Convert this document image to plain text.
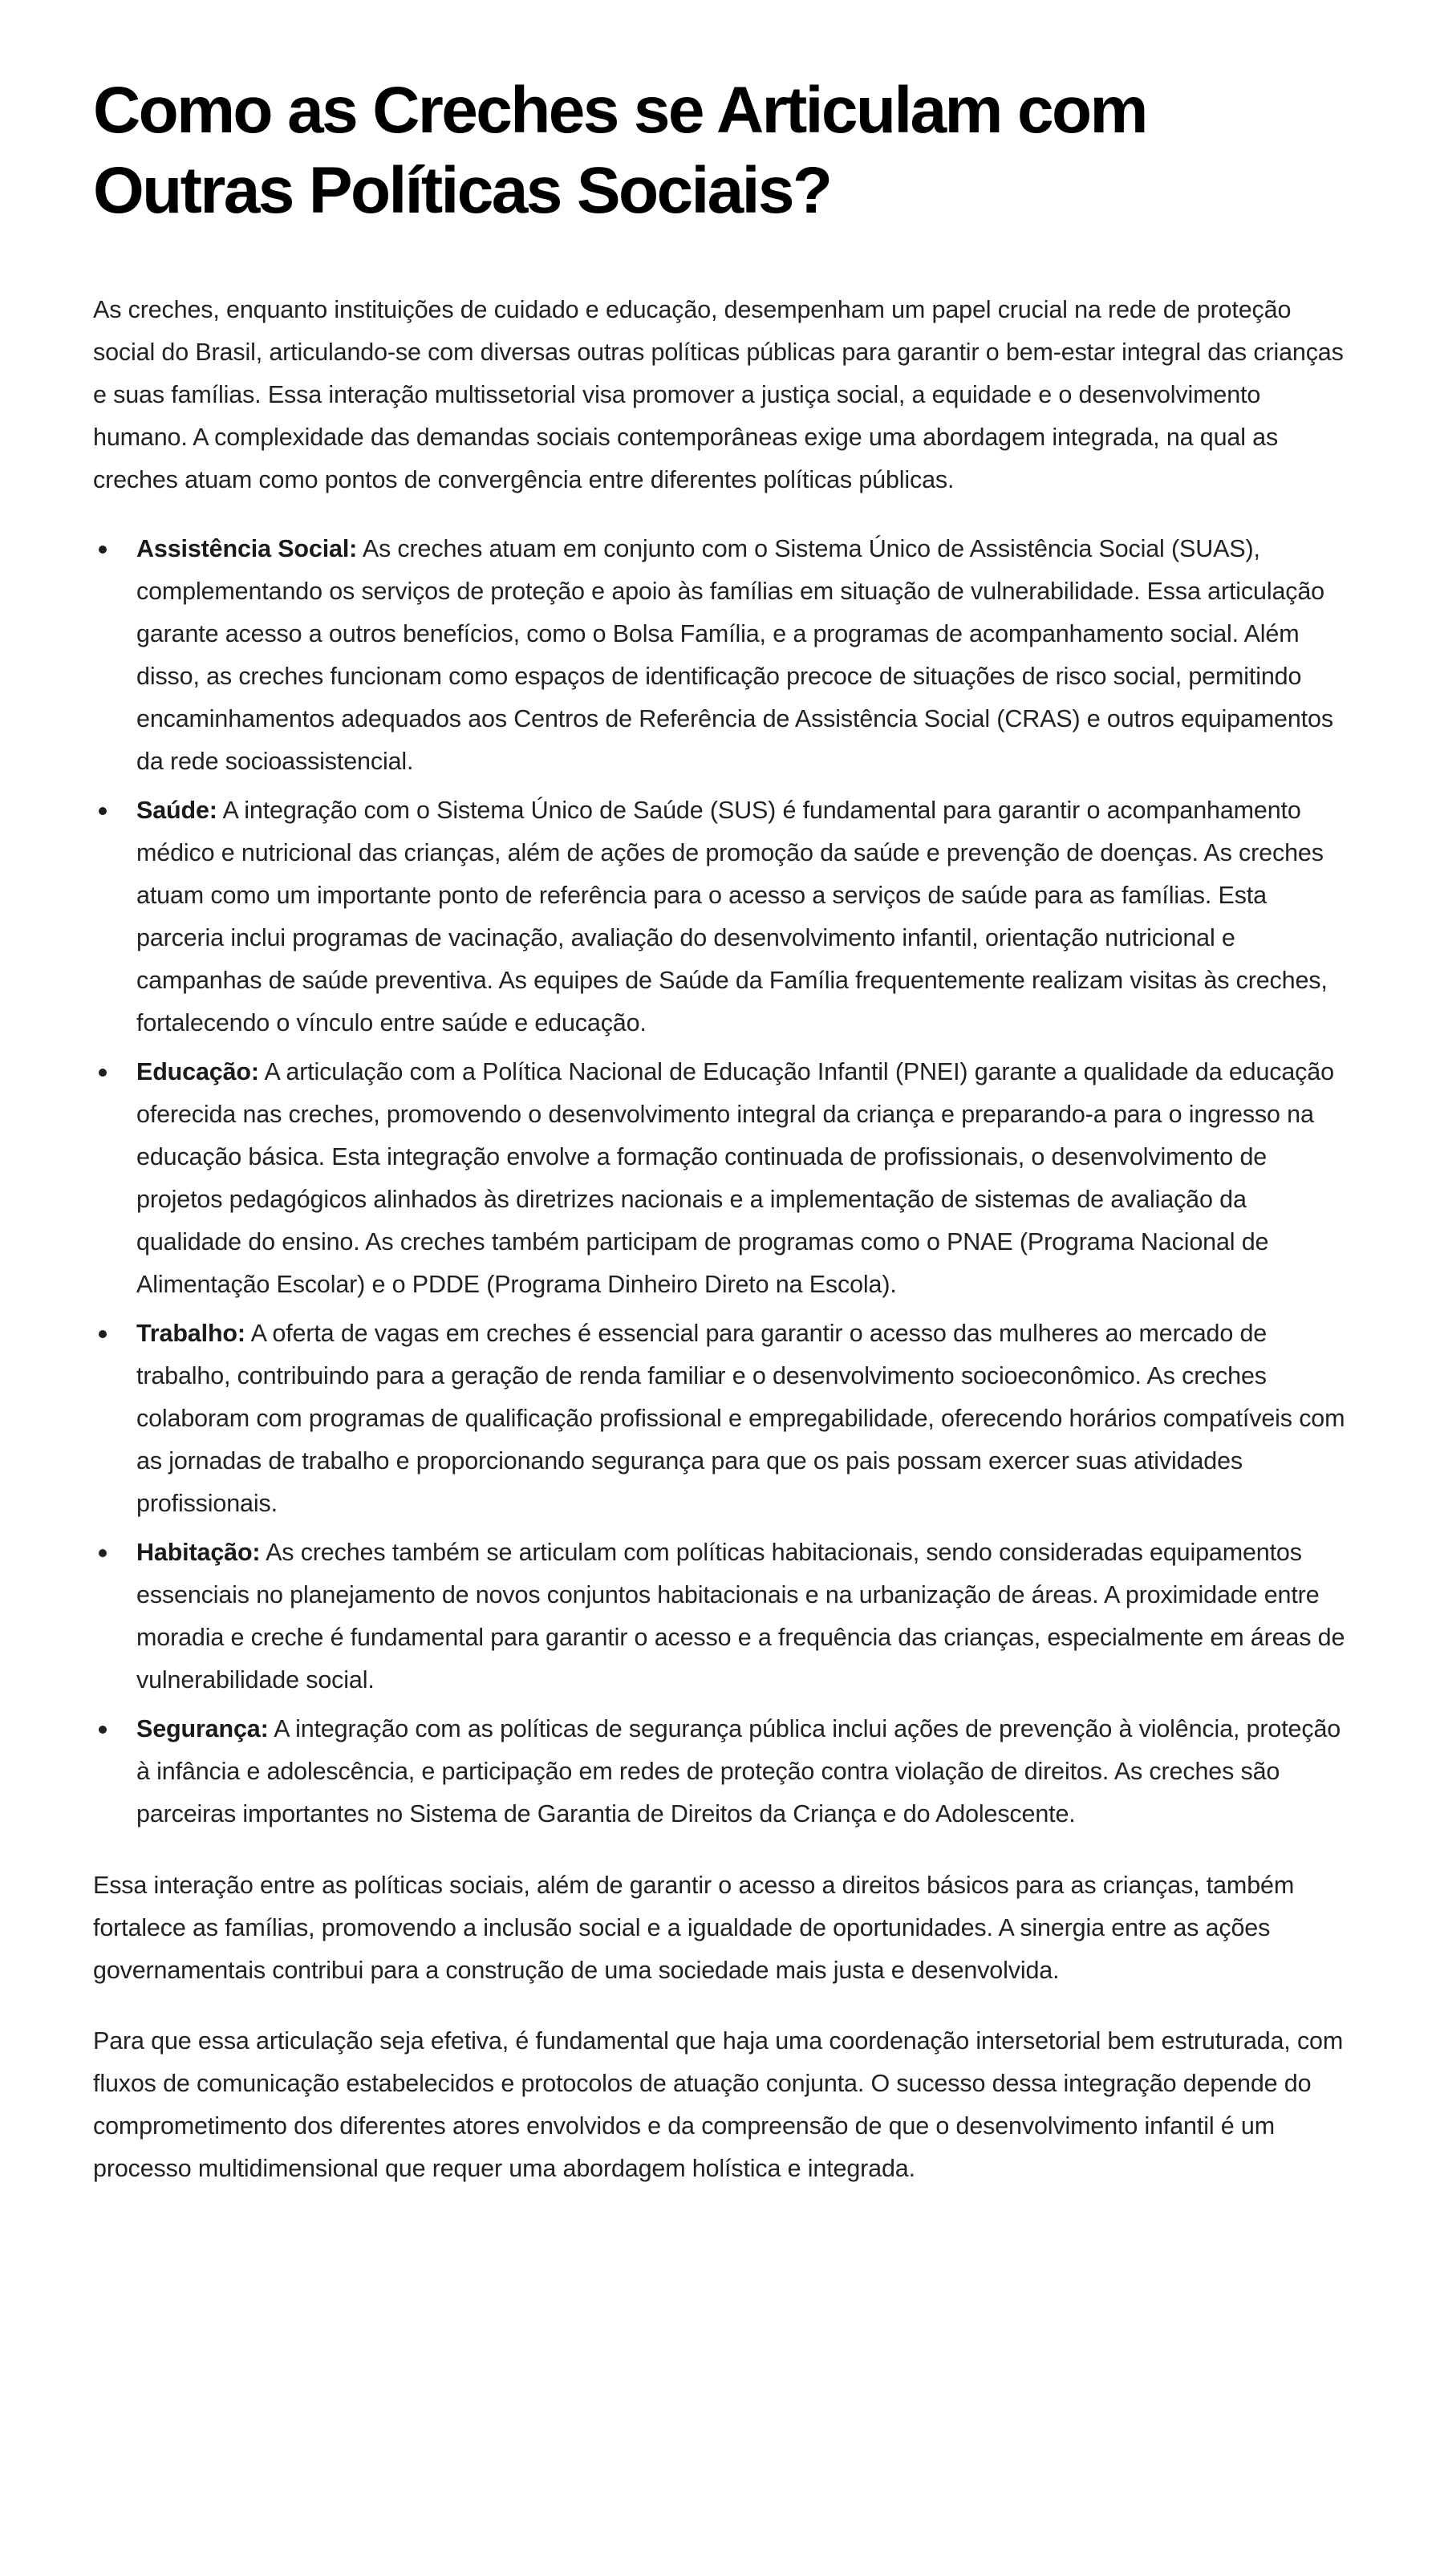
Como as Creches se Articulam com
Outras Políticas Sociais?

As creches, enquanto instituições de cuidado e educação, desempenham um papel crucial na rede de proteção social do Brasil, articulando-se com diversas outras políticas públicas para garantir o bem-estar integral das crianças e suas famílias. Essa interação multissetorial visa promover a justiça social, a equidade e o desenvolvimento humano. A complexidade das demandas sociais contemporâneas exige uma abordagem integrada, na qual as creches atuam como pontos de convergência entre diferentes políticas públicas.

Assistência Social: As creches atuam em conjunto com o Sistema Único de Assistência Social (SUAS), complementando os serviços de proteção e apoio às famílias em situação de vulnerabilidade. Essa articulação garante acesso a outros benefícios, como o Bolsa Família, e a programas de acompanhamento social. Além disso, as creches funcionam como espaços de identificação precoce de situações de risco social, permitindo encaminhamentos adequados aos Centros de Referência de Assistência Social (CRAS) e outros equipamentos da rede socioassistencial.
Saúde: A integração com o Sistema Único de Saúde (SUS) é fundamental para garantir o acompanhamento médico e nutricional das crianças, além de ações de promoção da saúde e prevenção de doenças. As creches atuam como um importante ponto de referência para o acesso a serviços de saúde para as famílias. Esta parceria inclui programas de vacinação, avaliação do desenvolvimento infantil, orientação nutricional e campanhas de saúde preventiva. As equipes de Saúde da Família frequentemente realizam visitas às creches, fortalecendo o vínculo entre saúde e educação.
Educação: A articulação com a Política Nacional de Educação Infantil (PNEI) garante a qualidade da educação oferecida nas creches, promovendo o desenvolvimento integral da criança e preparando-a para o ingresso na educação básica. Esta integração envolve a formação continuada de profissionais, o desenvolvimento de projetos pedagógicos alinhados às diretrizes nacionais e a implementação de sistemas de avaliação da qualidade do ensino. As creches também participam de programas como o PNAE (Programa Nacional de Alimentação Escolar) e o PDDE (Programa Dinheiro Direto na Escola).
Trabalho: A oferta de vagas em creches é essencial para garantir o acesso das mulheres ao mercado de trabalho, contribuindo para a geração de renda familiar e o desenvolvimento socioeconômico. As creches colaboram com programas de qualificação profissional e empregabilidade, oferecendo horários compatíveis com as jornadas de trabalho e proporcionando segurança para que os pais possam exercer suas atividades profissionais.
Habitação: As creches também se articulam com políticas habitacionais, sendo consideradas equipamentos essenciais no planejamento de novos conjuntos habitacionais e na urbanização de áreas. A proximidade entre moradia e creche é fundamental para garantir o acesso e a frequência das crianças, especialmente em áreas de vulnerabilidade social.
Segurança: A integração com as políticas de segurança pública inclui ações de prevenção à violência, proteção à infância e adolescência, e participação em redes de proteção contra violação de direitos. As creches são parceiras importantes no Sistema de Garantia de Direitos da Criança e do Adolescente.

Essa interação entre as políticas sociais, além de garantir o acesso a direitos básicos para as crianças, também fortalece as famílias, promovendo a inclusão social e a igualdade de oportunidades. A sinergia entre as ações governamentais contribui para a construção de uma sociedade mais justa e desenvolvida.

Para que essa articulação seja efetiva, é fundamental que haja uma coordenação intersetorial bem estruturada, com fluxos de comunicação estabelecidos e protocolos de atuação conjunta. O sucesso dessa integração depende do comprometimento dos diferentes atores envolvidos e da compreensão de que o desenvolvimento infantil é um processo multidimensional que requer uma abordagem holística e integrada.
